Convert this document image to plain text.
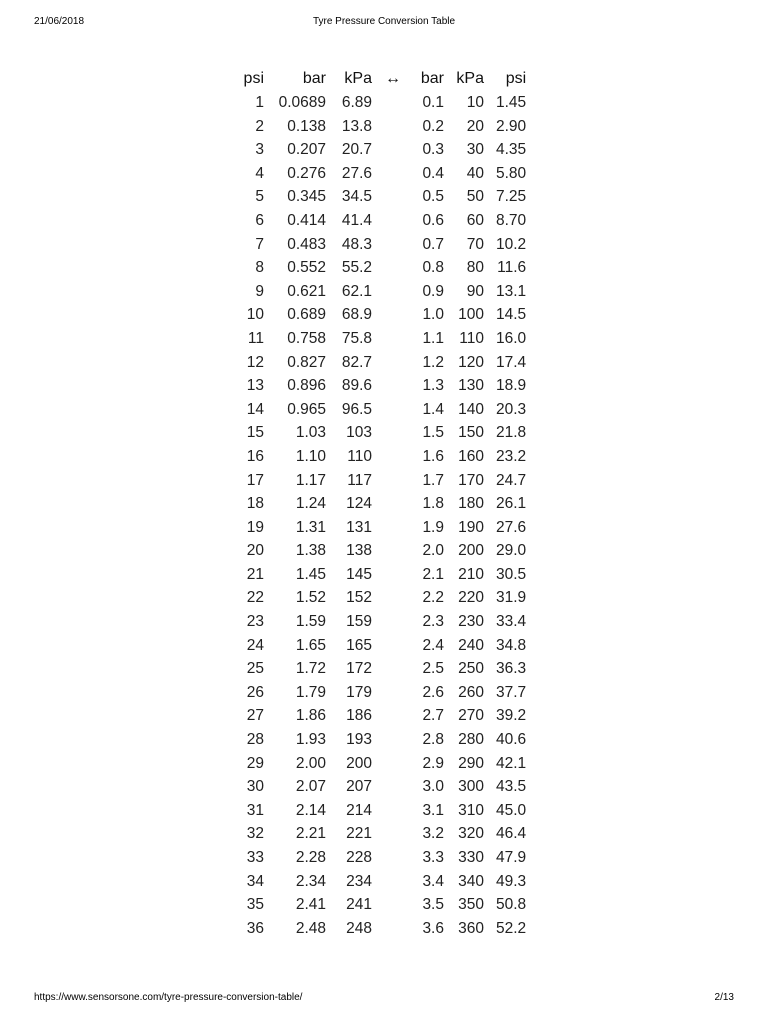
21/06/2018	Tyre Pressure Conversion Table
psi	bar	kPa	↔	bar	kPa	psi
1	0.0689	6.89		0.1	10	1.45
2	0.138	13.8		0.2	20	2.90
3	0.207	20.7		0.3	30	4.35
4	0.276	27.6		0.4	40	5.80
5	0.345	34.5		0.5	50	7.25
6	0.414	41.4		0.6	60	8.70
7	0.483	48.3		0.7	70	10.2
8	0.552	55.2		0.8	80	11.6
9	0.621	62.1		0.9	90	13.1
10	0.689	68.9		1.0	100	14.5
11	0.758	75.8		1.1	110	16.0
12	0.827	82.7		1.2	120	17.4
13	0.896	89.6		1.3	130	18.9
14	0.965	96.5		1.4	140	20.3
15	1.03	103		1.5	150	21.8
16	1.10	110		1.6	160	23.2
17	1.17	117		1.7	170	24.7
18	1.24	124		1.8	180	26.1
19	1.31	131		1.9	190	27.6
20	1.38	138		2.0	200	29.0
21	1.45	145		2.1	210	30.5
22	1.52	152		2.2	220	31.9
23	1.59	159		2.3	230	33.4
24	1.65	165		2.4	240	34.8
25	1.72	172		2.5	250	36.3
26	1.79	179		2.6	260	37.7
27	1.86	186		2.7	270	39.2
28	1.93	193		2.8	280	40.6
29	2.00	200		2.9	290	42.1
30	2.07	207		3.0	300	43.5
31	2.14	214		3.1	310	45.0
32	2.21	221		3.2	320	46.4
33	2.28	228		3.3	330	47.9
34	2.34	234		3.4	340	49.3
35	2.41	241		3.5	350	50.8
36	2.48	248		3.6	360	52.2
https://www.sensorsone.com/tyre-pressure-conversion-table/	2/13
